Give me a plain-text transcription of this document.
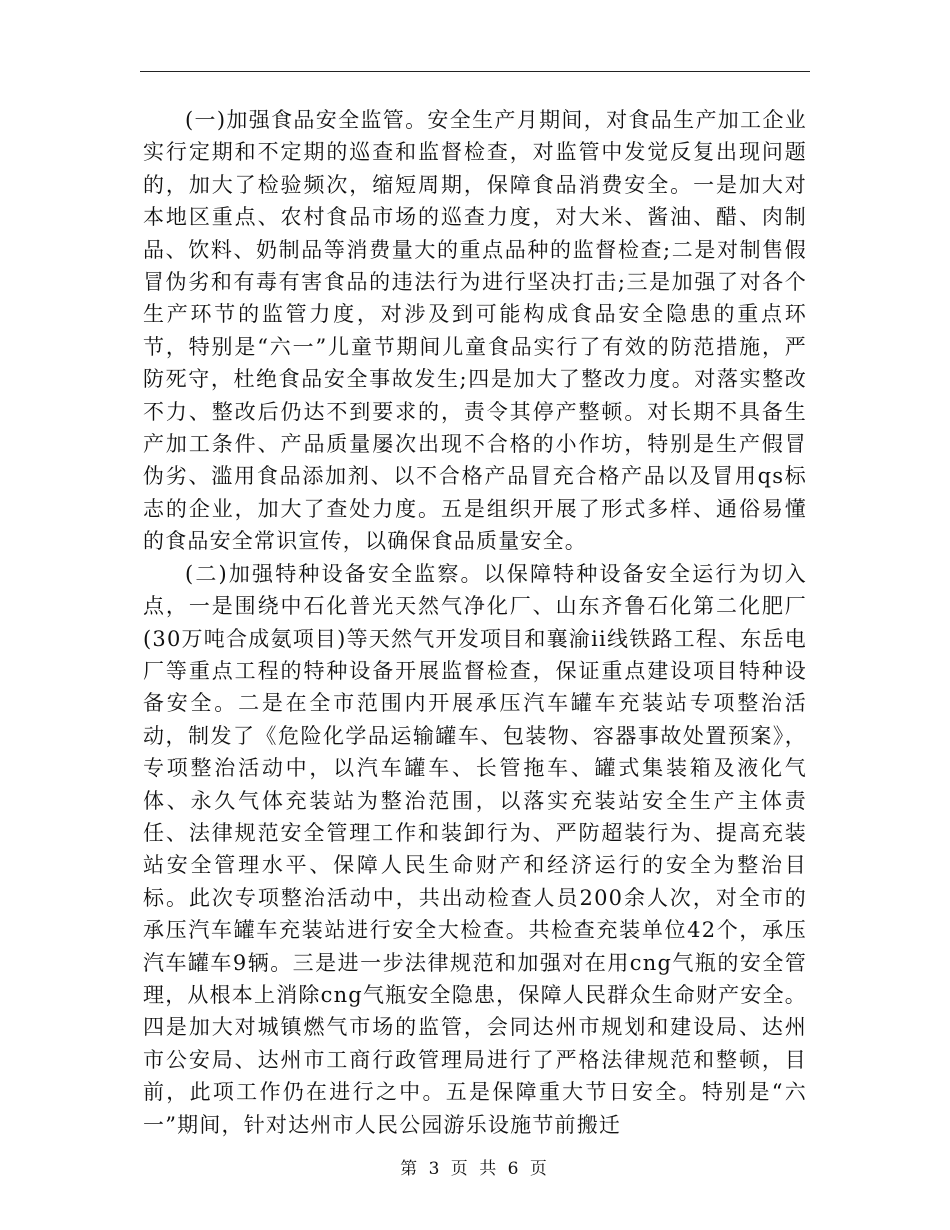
(一)加强食品安全监管。安全生产月期间，对食品生产加工企业实行定期和不定期的巡查和监督检查，对监管中发觉反复出现问题的，加大了检验频次，缩短周期，保障食品消费安全。一是加大对本地区重点、农村食品市场的巡查力度，对大米、酱油、醋、肉制品、饮料、奶制品等消费量大的重点品种的监督检查;二是对制售假冒伪劣和有毒有害食品的违法行为进行坚决打击;三是加强了对各个生产环节的监管力度，对涉及到可能构成食品安全隐患的重点环节，特别是“六一”儿童节期间儿童食品实行了有效的防范措施，严防死守，杜绝食品安全事故发生;四是加大了整改力度。对落实整改不力、整改后仍达不到要求的，责令其停产整顿。对长期不具备生产加工条件、产品质量屡次出现不合格的小作坊，特别是生产假冒伪劣、滥用食品添加剂、以不合格产品冒充合格产品以及冒用qs标志的企业，加大了查处力度。五是组织开展了形式多样、通俗易懂的食品安全常识宣传，以确保食品质量安全。

(二)加强特种设备安全监察。以保障特种设备安全运行为切入点，一是围绕中石化普光天然气净化厂、山东齐鲁石化第二化肥厂(30万吨合成氨项目)等天然气开发项目和襄渝ii线铁路工程、东岳电厂等重点工程的特种设备开展监督检查，保证重点建设项目特种设备安全。二是在全市范围内开展承压汽车罐车充装站专项整治活动，制发了《危险化学品运输罐车、包装物、容器事故处置预案》，专项整治活动中，以汽车罐车、长管拖车、罐式集装箱及液化气体、永久气体充装站为整治范围，以落实充装站安全生产主体责任、法律规范安全管理工作和装卸行为、严防超装行为、提高充装站安全管理水平、保障人民生命财产和经济运行的安全为整治目标。此次专项整治活动中，共出动检查人员200余人次，对全市的承压汽车罐车充装站进行安全大检查。共检查充装单位42个，承压汽车罐车9辆。三是进一步法律规范和加强对在用cng气瓶的安全管理，从根本上消除cng气瓶安全隐患，保障人民群众生命财产安全。四是加大对城镇燃气市场的监管，会同达州市规划和建设局、达州市公安局、达州市工商行政管理局进行了严格法律规范和整顿，目前，此项工作仍在进行之中。五是保障重大节日安全。特别是“六一”期间，针对达州市人民公园游乐设施节前搬迁

第 3 页 共 6 页
